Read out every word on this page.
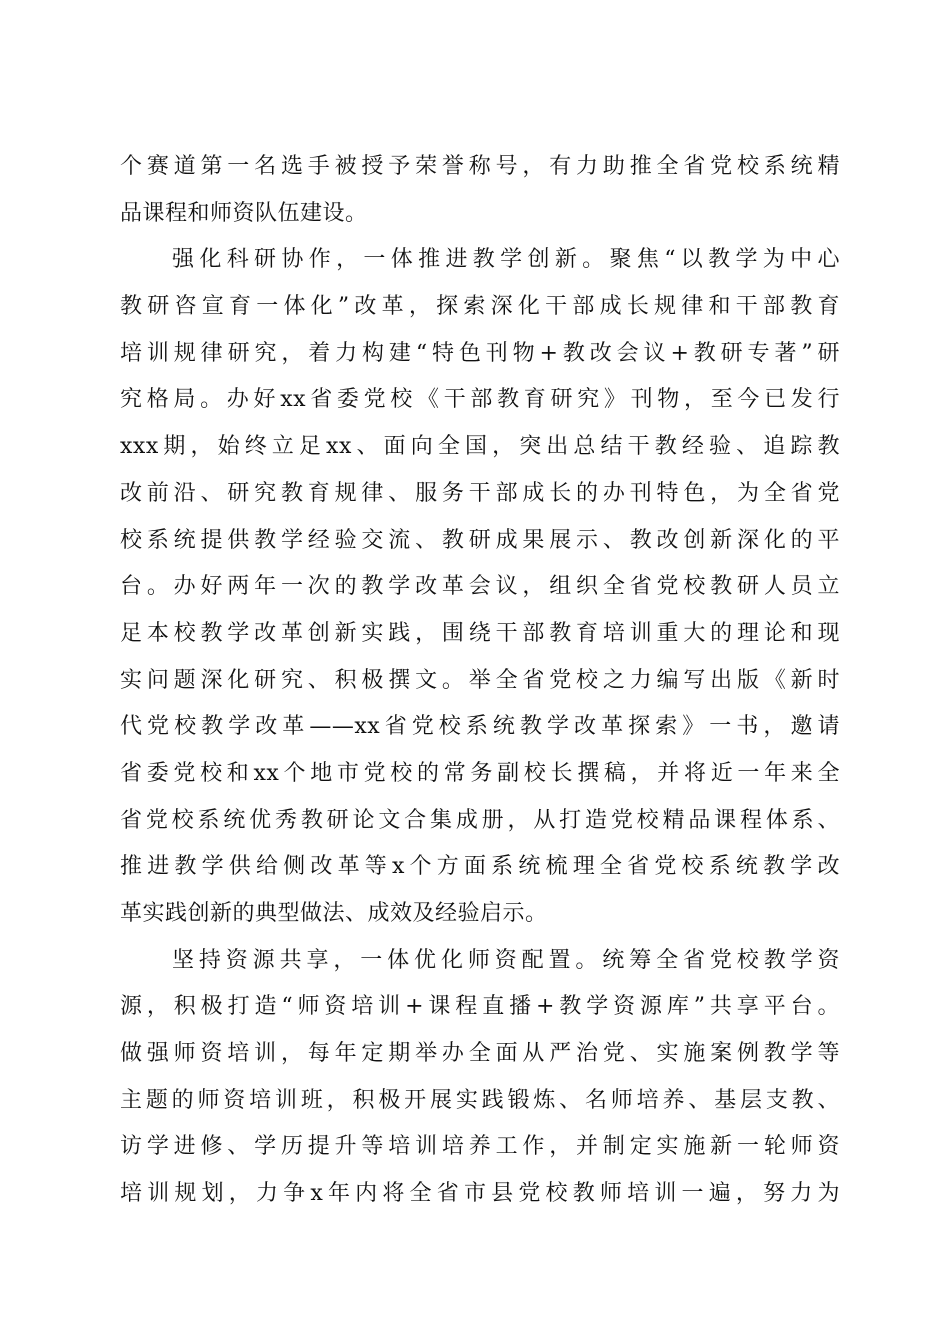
个赛道第一名选手被授予荣誉称号，有力助推全省党校系统精
品课程和师资队伍建设。
强化科研协作，一体推进教学创新。聚焦“以教学为中心
教研咨宣育一体化”改革，探索深化干部成长规律和干部教育
培训规律研究，着力构建“特色刊物+教改会议+教研专著”研
究格局。办好xx省委党校《干部教育研究》刊物，至今已发行
xxx期，始终立足xx、面向全国，突出总结干教经验、追踪教
改前沿、研究教育规律、服务干部成长的办刊特色，为全省党
校系统提供教学经验交流、教研成果展示、教改创新深化的平
台。办好两年一次的教学改革会议，组织全省党校教研人员立
足本校教学改革创新实践，围绕干部教育培训重大的理论和现
实问题深化研究、积极撰文。举全省党校之力编写出版《新时
代党校教学改革——xx省党校系统教学改革探索》一书，邀请
省委党校和xx个地市党校的常务副校长撰稿，并将近一年来全
省党校系统优秀教研论文合集成册，从打造党校精品课程体系、
推进教学供给侧改革等x个方面系统梳理全省党校系统教学改
革实践创新的典型做法、成效及经验启示。
坚持资源共享，一体优化师资配置。统筹全省党校教学资
源，积极打造“师资培训+课程直播+教学资源库”共享平台。
做强师资培训，每年定期举办全面从严治党、实施案例教学等
主题的师资培训班，积极开展实践锻炼、名师培养、基层支教、
访学进修、学历提升等培训培养工作，并制定实施新一轮师资
培训规划，力争x年内将全省市县党校教师培训一遍，努力为
